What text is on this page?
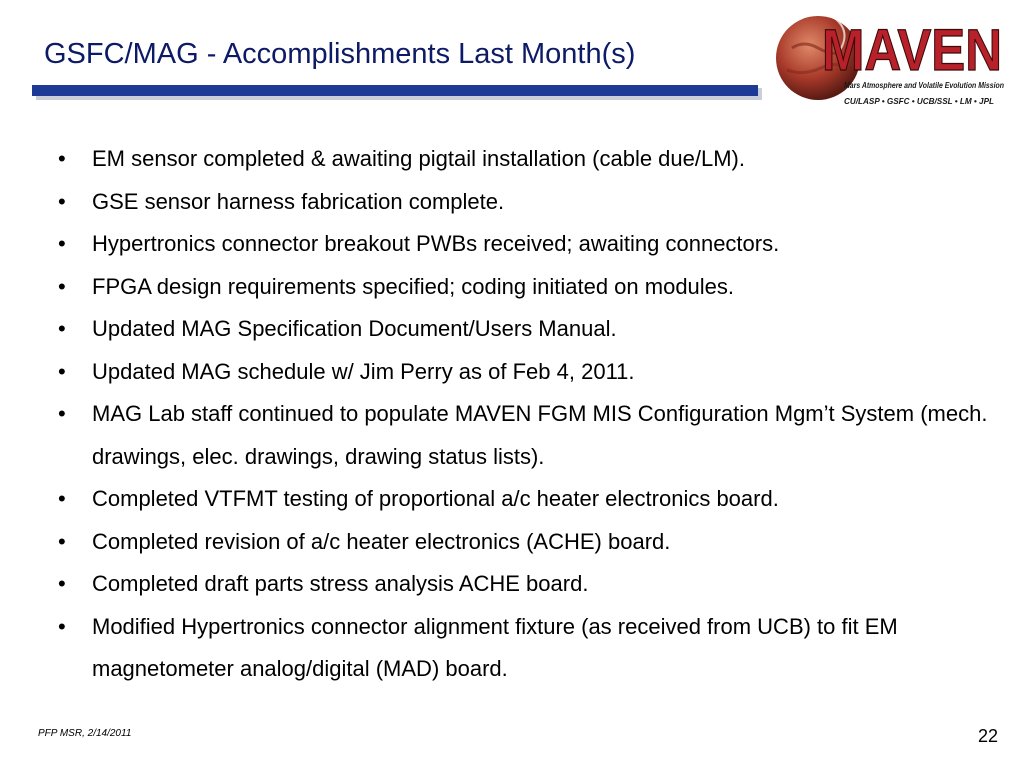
GSFC/MAG - Accomplishments Last Month(s)	MAVEN
Mars Atmosphere and Volatile Evolution Mission
CU/LASP • GSFC • UCB/SSL • LM • JPL
• EM sensor completed & awaiting pigtail installation (cable due/LM).
• GSE sensor harness fabrication complete.
• Hypertronics connector breakout PWBs received; awaiting connectors.
• FPGA design requirements specified; coding initiated on modules.
• Updated MAG Specification Document/Users Manual.
• Updated MAG schedule w/ Jim Perry as of Feb 4, 2011.
• MAG Lab staff continued to populate MAVEN FGM MIS Configuration Mgm’t System (mech. drawings, elec. drawings, drawing status lists).
• Completed VTFMT testing of proportional a/c heater electronics board.
• Completed revision of a/c heater electronics (ACHE) board.
• Completed draft parts stress analysis ACHE board.
• Modified Hypertronics connector alignment fixture (as received from UCB) to fit EM magnetometer analog/digital (MAD) board.
PFP MSR, 2/14/2011	22
